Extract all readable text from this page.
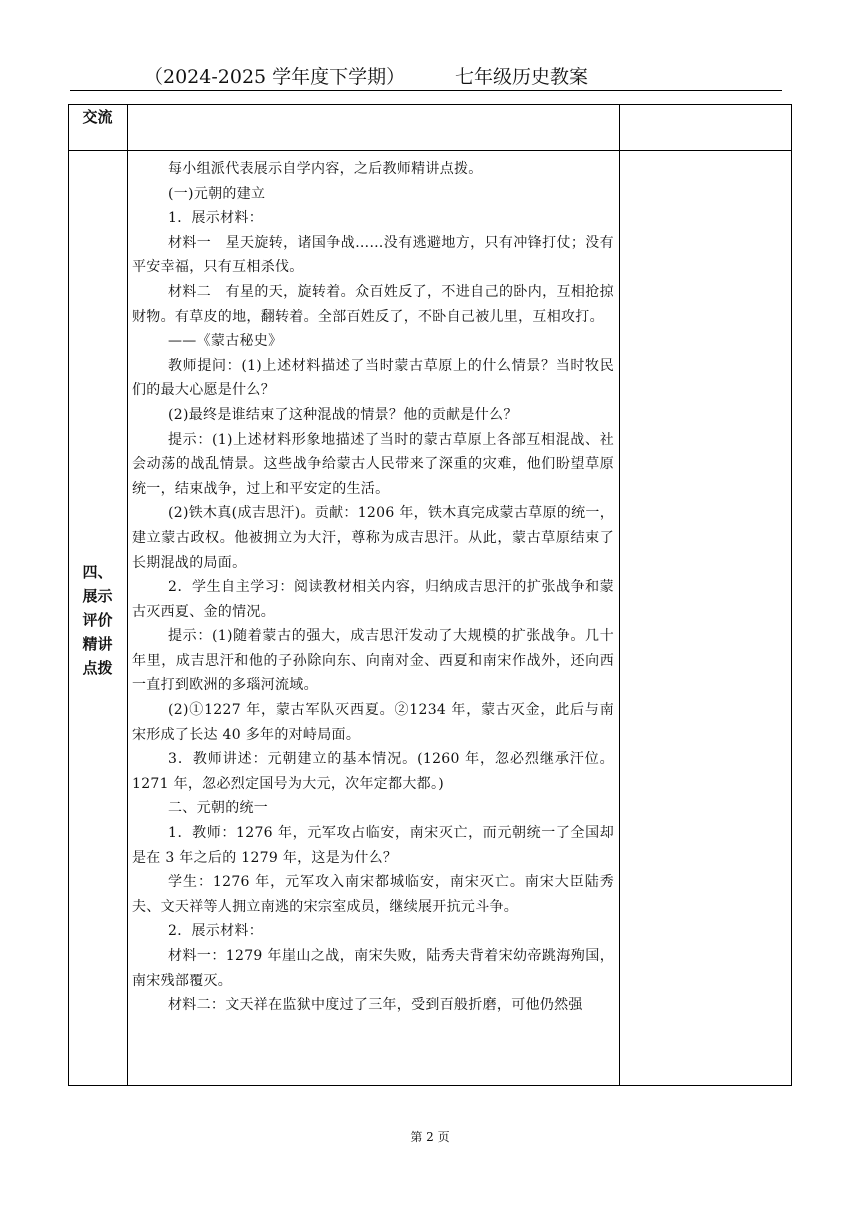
（2024-2025 学年度下学期）	七年级历史教案
交流
四、
展示
评价
精讲
点拨

每小组派代表展示自学内容，之后教师精讲点拨。

(一)元朝的建立

1．展示材料：

材料一　星天旋转，诸国争战……没有逃避地方，只有冲锋打仗；没有平安幸福，只有互相杀伐。

材料二　有星的天，旋转着。众百姓反了，不进自己的卧内，互相抢掠财物。有草皮的地，翻转着。全部百姓反了，不卧自己被儿里，互相攻打。

——《蒙古秘史》

教师提问：(1)上述材料描述了当时蒙古草原上的什么情景？当时牧民们的最大心愿是什么？

(2)最终是谁结束了这种混战的情景？他的贡献是什么？

提示：(1)上述材料形象地描述了当时的蒙古草原上各部互相混战、社会动荡的战乱情景。这些战争给蒙古人民带来了深重的灾难，他们盼望草原统一，结束战争，过上和平安定的生活。

(2)铁木真(成吉思汗)。贡献：1206 年，铁木真完成蒙古草原的统一，建立蒙古政权。他被拥立为大汗，尊称为成吉思汗。从此，蒙古草原结束了长期混战的局面。

2．学生自主学习：阅读教材相关内容，归纳成吉思汗的扩张战争和蒙古灭西夏、金的情况。

提示：(1)随着蒙古的强大，成吉思汗发动了大规模的扩张战争。几十年里，成吉思汗和他的子孙除向东、向南对金、西夏和南宋作战外，还向西一直打到欧洲的多瑙河流域。

(2)①1227 年，蒙古军队灭西夏。②1234 年，蒙古灭金，此后与南宋形成了长达 40 多年的对峙局面。

3．教师讲述：元朝建立的基本情况。(1260 年，忽必烈继承汗位。1271 年，忽必烈定国号为大元，次年定都大都。)

二、元朝的统一

1．教师：1276 年，元军攻占临安，南宋灭亡，而元朝统一了全国却是在 3 年之后的 1279 年，这是为什么？

学生：1276 年，元军攻入南宋都城临安，南宋灭亡。南宋大臣陆秀夫、文天祥等人拥立南逃的宋宗室成员，继续展开抗元斗争。

2．展示材料：

材料一：1279 年崖山之战，南宋失败，陆秀夫背着宋幼帝跳海殉国，南宋残部覆灭。

材料二：文天祥在监狱中度过了三年，受到百般折磨，可他仍然强

第 2 页
